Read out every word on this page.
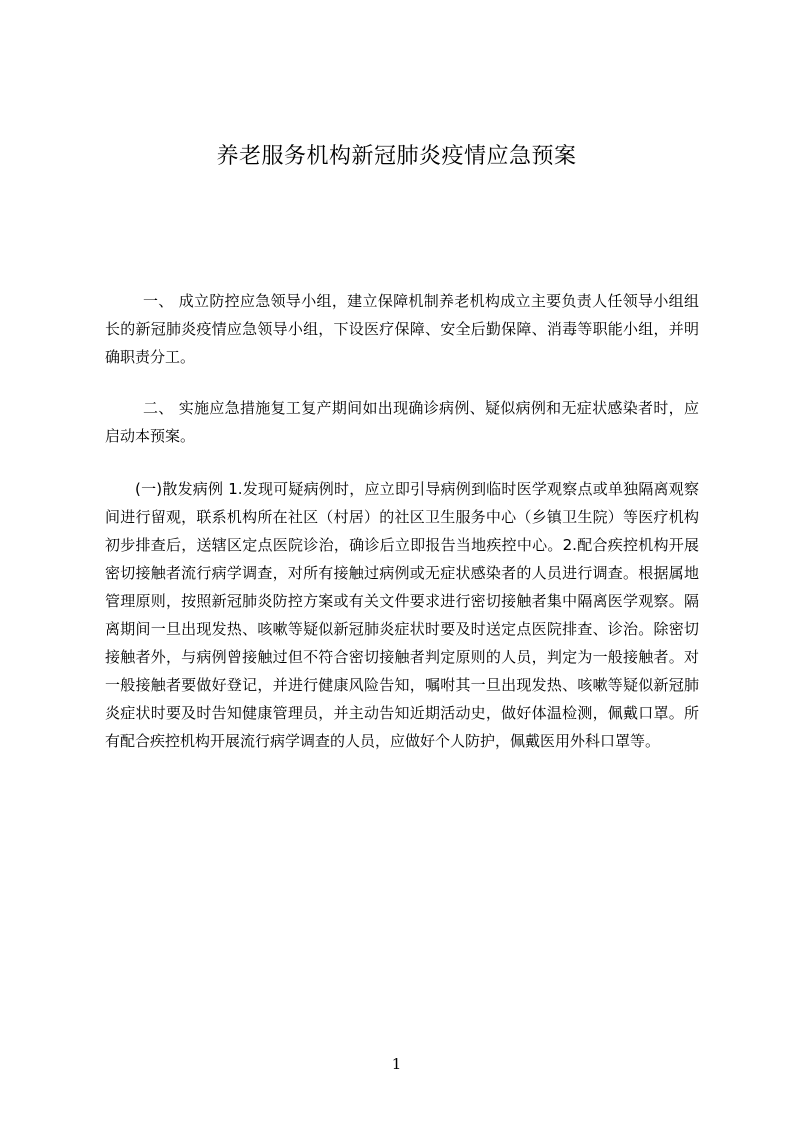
养老服务机构新冠肺炎疫情应急预案

一、 成立防控应急领导小组，建立保障机制养老机构成立主要负责人任领导小组组长的新冠肺炎疫情应急领导小组，下设医疗保障、安全后勤保障、消毒等职能小组，并明确职责分工。

二、 实施应急措施复工复产期间如出现确诊病例、疑似病例和无症状感染者时，应启动本预案。

(一)散发病例 1.发现可疑病例时，应立即引导病例到临时医学观察点或单独隔离观察间进行留观，联系机构所在社区（村居）的社区卫生服务中心（乡镇卫生院）等医疗机构初步排查后，送辖区定点医院诊治，确诊后立即报告当地疾控中心。2.配合疾控机构开展密切接触者流行病学调查，对所有接触过病例或无症状感染者的人员进行调查。根据属地管理原则，按照新冠肺炎防控方案或有关文件要求进行密切接触者集中隔离医学观察。隔离期间一旦出现发热、咳嗽等疑似新冠肺炎症状时要及时送定点医院排查、诊治。除密切接触者外，与病例曾接触过但不符合密切接触者判定原则的人员，判定为一般接触者。对一般接触者要做好登记，并进行健康风险告知，嘱咐其一旦出现发热、咳嗽等疑似新冠肺炎症状时要及时告知健康管理员，并主动告知近期活动史，做好体温检测，佩戴口罩。所有配合疾控机构开展流行病学调查的人员，应做好个人防护，佩戴医用外科口罩等。

1
